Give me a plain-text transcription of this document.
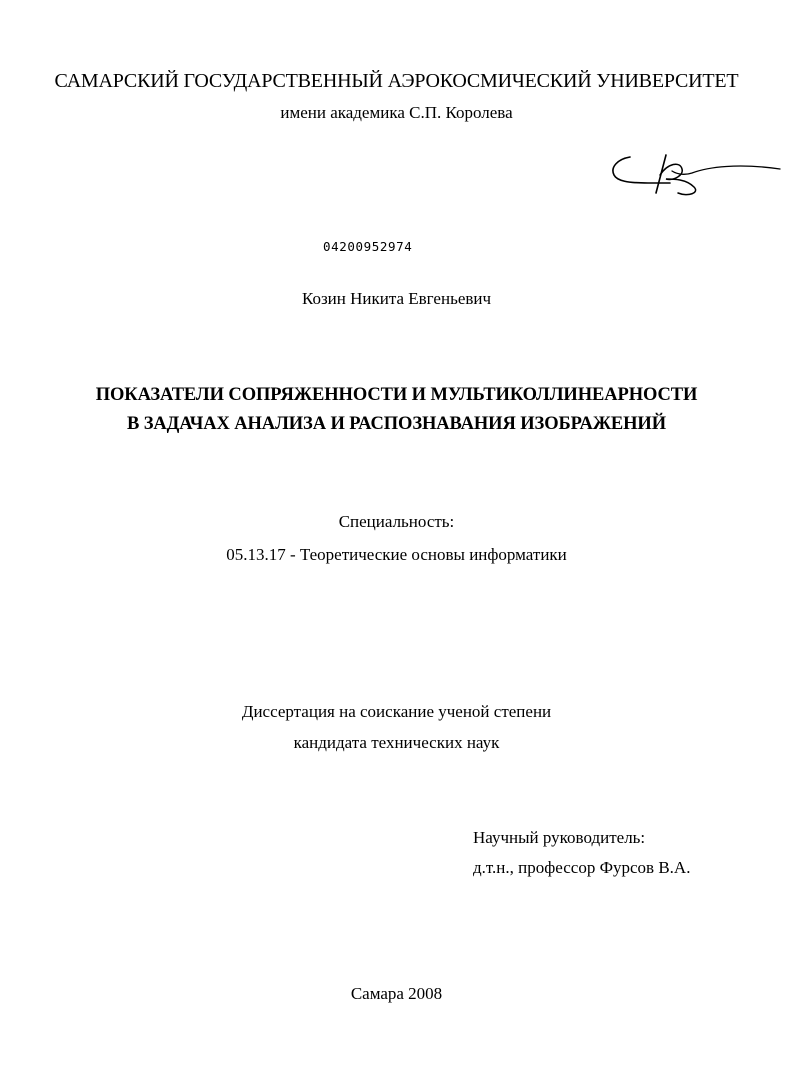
САМАРСКИЙ ГОСУДАРСТВЕННЫЙ АЭРОКОСМИЧЕСКИЙ УНИВЕРСИТЕТ
имени академика С.П. Королева
04200952974
Козин Никита Евгеньевич
ПОКАЗАТЕЛИ СОПРЯЖЕННОСТИ И МУЛЬТИКОЛЛИНЕАРНОСТИ
В ЗАДАЧАХ АНАЛИЗА И РАСПОЗНАВАНИЯ ИЗОБРАЖЕНИЙ
Специальность:
05.13.17 - Теоретические основы информатики
Диссертация на соискание ученой степени
кандидата технических наук
Научный руководитель:
д.т.н., профессор Фурсов В.А.
Самара 2008
